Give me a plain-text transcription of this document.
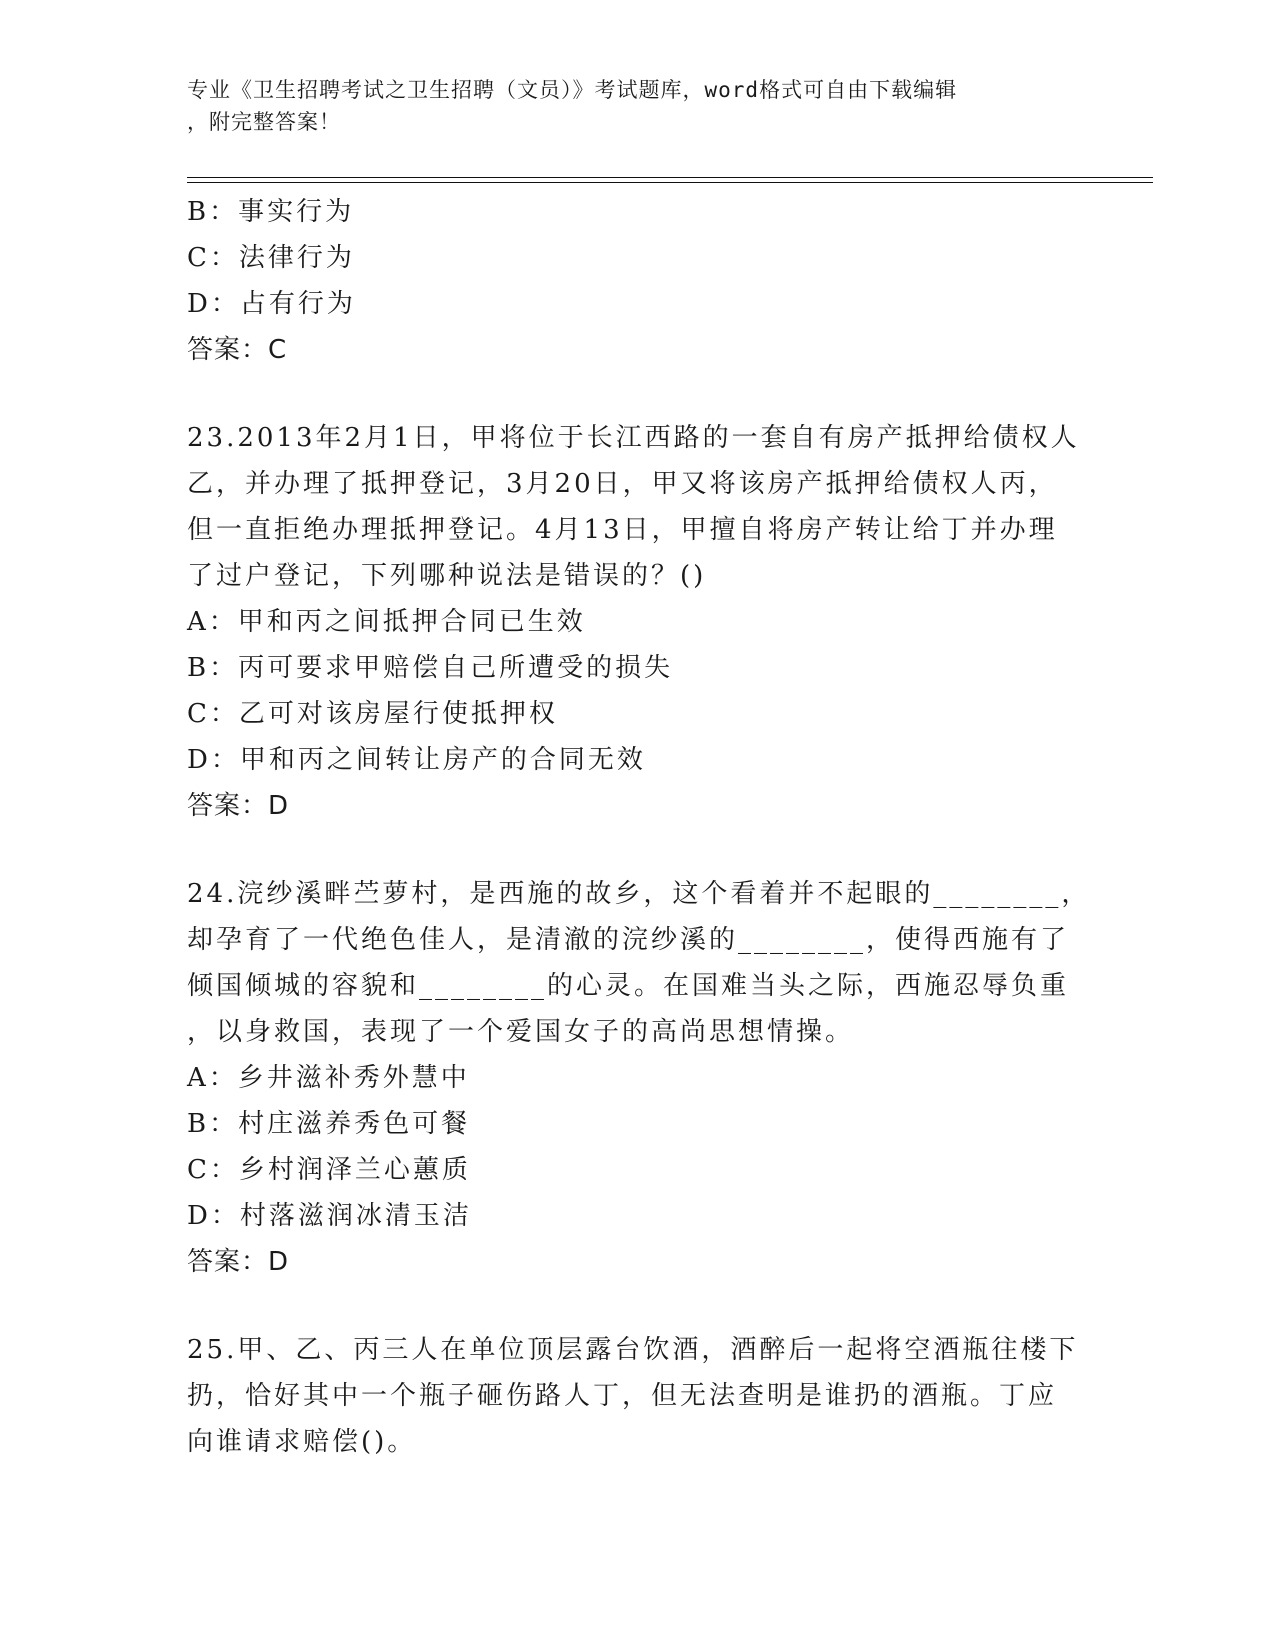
专业《卫生招聘考试之卫生招聘（文员）》考试题库，word格式可自由下载编辑
，附完整答案！
B：事实行为
C：法律行为
D：占有行为
答案：C
23.2013年2月1日，甲将位于长江西路的一套自有房产抵押给债权人
乙，并办理了抵押登记，3月20日，甲又将该房产抵押给债权人丙，
但一直拒绝办理抵押登记。4月13日，甲擅自将房产转让给丁并办理
了过户登记，下列哪种说法是错误的？()
A：甲和丙之间抵押合同已生效
B：丙可要求甲赔偿自己所遭受的损失
C：乙可对该房屋行使抵押权
D：甲和丙之间转让房产的合同无效
答案：D
24.浣纱溪畔苎萝村，是西施的故乡，这个看着并不起眼的________，
却孕育了一代绝色佳人，是清澈的浣纱溪的________，使得西施有了
倾国倾城的容貌和________的心灵。在国难当头之际，西施忍辱负重
，以身救国，表现了一个爱国女子的高尚思想情操。
A：乡井滋补秀外慧中
B：村庄滋养秀色可餐
C：乡村润泽兰心蕙质
D：村落滋润冰清玉洁
答案：D
25.甲、乙、丙三人在单位顶层露台饮酒，酒醉后一起将空酒瓶往楼下
扔，恰好其中一个瓶子砸伤路人丁，但无法查明是谁扔的酒瓶。丁应
向谁请求赔偿()。
